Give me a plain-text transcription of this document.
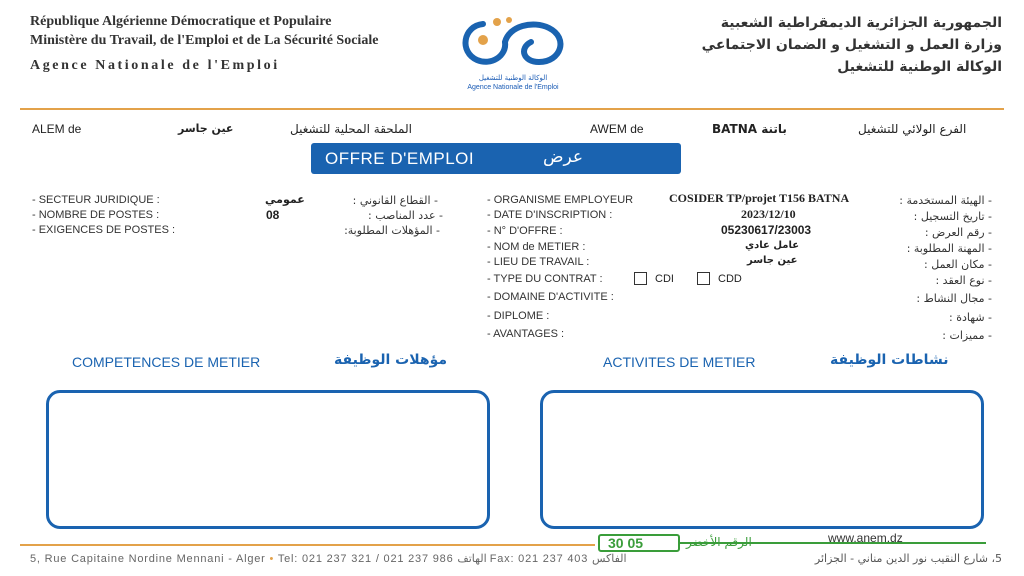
République Algérienne Démocratique et Populaire
Ministère du Travail, de l'Emploi et de La Sécurité Sociale
Agence Nationale de l'Emploi
الوكالة الوطنية للتشغيل
Agence Nationale de l'Emploi
الجمهورية الجزائرية الديمقراطية الشعبية
وزارة العمل و التشغيل و الضمان الاجتماعي
الوكالة الوطنية للتشغيل
ALEM de	عين جاسر	الملحقة المحلية للتشغيل	AWEM de	BATNA باتنة	الفرع الولائي للتشغيل
OFFRE D'EMPLOI	عرض
- SECTEUR JURIDIQUE :	عمومي	- القطاع القانوني :
- NOMBRE DE POSTES :	08	- عدد المناصب :
- EXIGENCES DE POSTES :	- المؤهلات المطلوبة:
- ORGANISME EMPLOYEUR	COSIDER TP/projet T156 BATNA	- الهيئة المستخدمة :
- DATE D'INSCRIPTION :	2023/12/10	- تاريخ التسجيل :
- N° D'OFFRE :	05230617/23003	- رقم العرض :
- NOM de METIER :	عامل عادي	- المهنة المطلوبة :
- LIEU DE TRAVAIL :	عين جاسر	- مكان العمل :
- TYPE DU CONTRAT :	CDI	CDD	- نوع العقد :
- DOMAINE D'ACTIVITE :	- مجال النشاط :
- DIPLOME :	- شهادة :
- AVANTAGES :	- مميزات :
COMPETENCES DE METIER	مؤهلات الوظيفة	ACTIVITES DE METIER	نشاطات الوظيفة
30 05	www.anem.dz
5, Rue Capitaine Nordine Mennani - Alger • Tel: 021 237 321 / 021 237 986 الهاتف Fax: 021 237 403 الفاكس	5، شارع النقيب نور الدين مناني - الجزائر
